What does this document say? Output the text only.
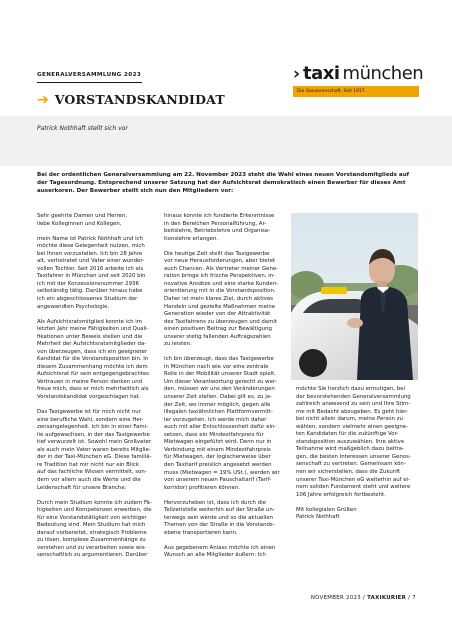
GENERALVERSAMMLUNG 2023
➔ VORSTANDSKANDIDAT
› taxi münchen
Die Genossenschaft. Seit 1917.
Patrick Nothhaft stellt sich vor
Bei der ordentlichen Generalversammlung am 22. November 2023 steht die Wahl eines neuen Vorstandsmitglieds auf der Tagesordnung. Entsprechend unserer Satzung hat der Aufsichtsrat demokratisch einen Bewerber für dieses Amt auserkoren. Der Bewerber stellt sich nun den Mitgliedern vor:

Sehr geehrte Damen und Herren,
liebe Kolleginnen und Kollegen,

mein Name ist Patrick Nothhaft und ich
möchte diese Gelegenheit nutzen, mich
bei Ihnen vorzustellen. Ich bin 28 Jahre
alt, verheiratet und Vater einer wunder-
vollen Tochter. Seit 2016 arbeite ich als
Taxifahrer in München und seit 2020 bin
ich mit der Konzessionsnummer 2936
selbständig tätig. Darüber hinaus habe
ich ein abgeschlossenes Studium der
angewandten Psychologie.

Als Aufsichtsratsmitglied konnte ich im
letzten Jahr meine Fähigkeiten und Quali-
fikationen unter Beweis stellen und die
Mehrheit der Aufsichtsratsmitglieder da-
von überzeugen, dass ich ein geeigneter
Kandidat für die Vorstandsposition bin. In
diesem Zusammenhang möchte ich dem
Aufsichtsrat für sein entgegengebrachtes
Vertrauen in meine Person danken und
freue mich, dass er mich mehrheitlich als
Vorstandskandidat vorgeschlagen hat.

Das Taxigewerbe ist für mich nicht nur
eine berufliche Wahl, sondern eine Her-
zensangelegenheit. Ich bin in einer Fami-
lie aufgewachsen, in der das Taxigewerbe
tief verwurzelt ist. Sowohl mein Großvater
als auch mein Vater waren bereits Mitglie-
der in der Taxi-München eG. Diese familiä-
re Tradition hat mir nicht nur ein Blick
auf das fachliche Wissen vermittelt, son-
dern vor allem auch die Werte und die
Leidenschaft für unsere Branche.

Durch mein Studium konnte ich zudem Fä-
higkeiten und Kompetenzen erwerben, die
für eine Vorstandstätigkeit von wichtiger
Bedeutung sind. Mein Studium hat mich
darauf vorbereitet, strategisch Probleme
zu lösen, komplexe Zusammenhänge zu
verstehen und zu verarbeiten sowie wis-
senschaftlich zu argumentieren. Darüber

hinaus konnte ich fundierte Erkenntnisse
in den Bereichen Personalführung, Ar-
beitslehre, Betriebslehre und Organisa-
tionslehre erlangen.

Die heutige Zeit stellt das Taxigewerbe
vor neue Herausforderungen, aber bietet
auch Chancen. Als Vertreter meiner Gene-
ration bringe ich frische Perspektiven, in-
novative Ansätze und eine starke Kunden-
orientierung mit in die Vorstandsposition.
Daher ist mein klares Ziel, durch aktives
Handeln und gezielte Maßnahmen meine
Generation wieder von der Attraktivität
des Taxifahrens zu überzeugen und damit
einen positiven Beitrag zur Bewältigung
unserer stetig fallenden Auftragszahlen
zu leisten.

Ich bin überzeugt, dass das Taxigewerbe
in München nach wie vor eine zentrale
Rolle in der Mobilität unserer Stadt spielt.
Um dieser Verantwortung gerecht zu wer-
den, müssen wir uns den Veränderungen
unserer Zeit stellen. Dabei gilt es, zu je-
der Zeit, wo immer möglich, gegen alle
illegalen taxiähnlichen Plattformvermitt-
ler vorzugehen. Ich werde mich daher
auch mit aller Entschlossenheit dafür ein-
setzen, dass ein Mindestfahrpreis für
Mietwagen eingeführt wird. Denn nur in
Verbindung mit einem Mindestfahrpreis
für Mietwagen, der logischerweise über
den Taxitarif preislich angesetzt werden
muss (Mietwagen = 19% USt.), werden wir
von unserem neuen Pauschaltarif (Tarif-
korridor) profitieren können.

Hervorzuheben ist, dass ich durch die
Teilzeitstelle weiterhin auf der Straße un-
terwegs sein werde und so die aktuellen
Themen von der Straße in die Vorstands-
ebene transportieren kann.

Aus gegebenem Anlass möchte ich einen
Wunsch an alle Mitglieder äußern: Ich

möchte Sie herzlich dazu ermutigen, bei
der bevorstehenden Generalversammlung
zahlreich anwesend zu sein und Ihre Stim-
me mit Bedacht abzugeben. Es geht hier-
bei nicht allein darum, meine Person zu
wählen, sondern vielmehr einen geeigne-
ten Kandidaten für die zukünftige Vor-
standsposition auszuwählen. Ihre aktive
Teilnahme wird maßgeblich dazu beitra-
gen, die besten Interessen unserer Genos-
senschaft zu vertreten. Gemeinsam kön-
nen wir sicherstellen, dass die Zukunft
unserer Taxi-München eG weiterhin auf ei-
nem soliden Fundament steht und weitere
106 Jahre erfolgreich fortbesteht.

Mit kollegialen Grüßen
Patrick Nothhaft

NOVEMBER 2023 / TAXIKURIER / 7
